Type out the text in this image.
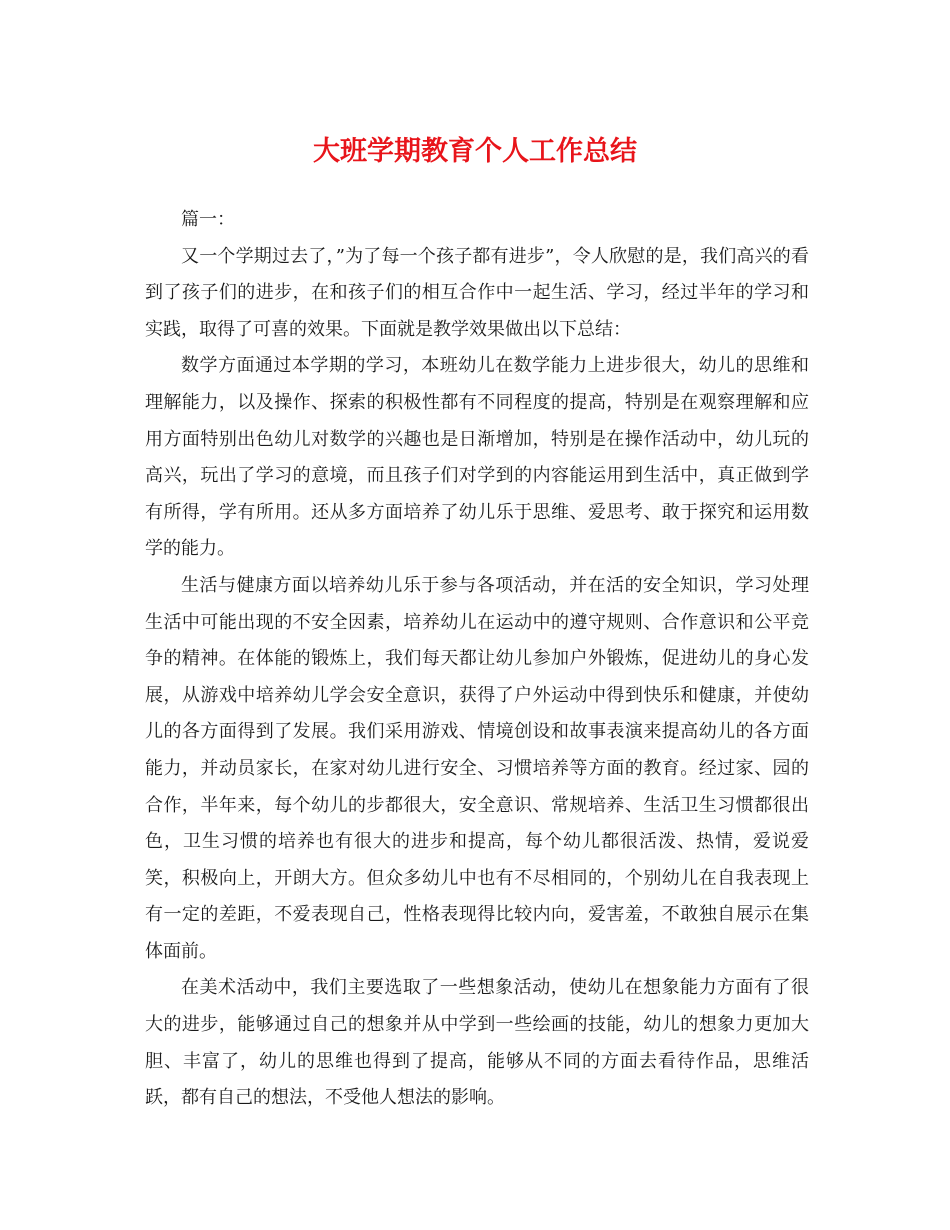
大班学期教育个人工作总结

篇一：

又一个学期过去了，”为了每一个孩子都有进步”，令人欣慰的是，我们高兴的看到了孩子们的进步，在和孩子们的相互合作中一起生活、学习，经过半年的学习和实践，取得了可喜的效果。下面就是教学效果做出以下总结：

数学方面通过本学期的学习，本班幼儿在数学能力上进步很大，幼儿的思维和理解能力，以及操作、探索的积极性都有不同程度的提高，特别是在观察理解和应用方面特别出色幼儿对数学的兴趣也是日渐增加，特别是在操作活动中，幼儿玩的高兴，玩出了学习的意境，而且孩子们对学到的内容能运用到生活中，真正做到学有所得，学有所用。还从多方面培养了幼儿乐于思维、爱思考、敢于探究和运用数学的能力。

生活与健康方面以培养幼儿乐于参与各项活动，并在活的安全知识，学习处理生活中可能出现的不安全因素，培养幼儿在运动中的遵守规则、合作意识和公平竞争的精神。在体能的锻炼上，我们每天都让幼儿参加户外锻炼，促进幼儿的身心发展，从游戏中培养幼儿学会安全意识，获得了户外运动中得到快乐和健康，并使幼儿的各方面得到了发展。我们采用游戏、情境创设和故事表演来提高幼儿的各方面能力，并动员家长，在家对幼儿进行安全、习惯培养等方面的教育。经过家、园的合作，半年来，每个幼儿的步都很大，安全意识、常规培养、生活卫生习惯都很出色，卫生习惯的培养也有很大的进步和提高，每个幼儿都很活泼、热情，爱说爱笑，积极向上，开朗大方。但众多幼儿中也有不尽相同的，个别幼儿在自我表现上有一定的差距，不爱表现自己，性格表现得比较内向，爱害羞，不敢独自展示在集体面前。

在美术活动中，我们主要选取了一些想象活动，使幼儿在想象能力方面有了很大的进步，能够通过自己的想象并从中学到一些绘画的技能，幼儿的想象力更加大胆、丰富了，幼儿的思维也得到了提高，能够从不同的方面去看待作品，思维活跃，都有自己的想法，不受他人想法的影响。
